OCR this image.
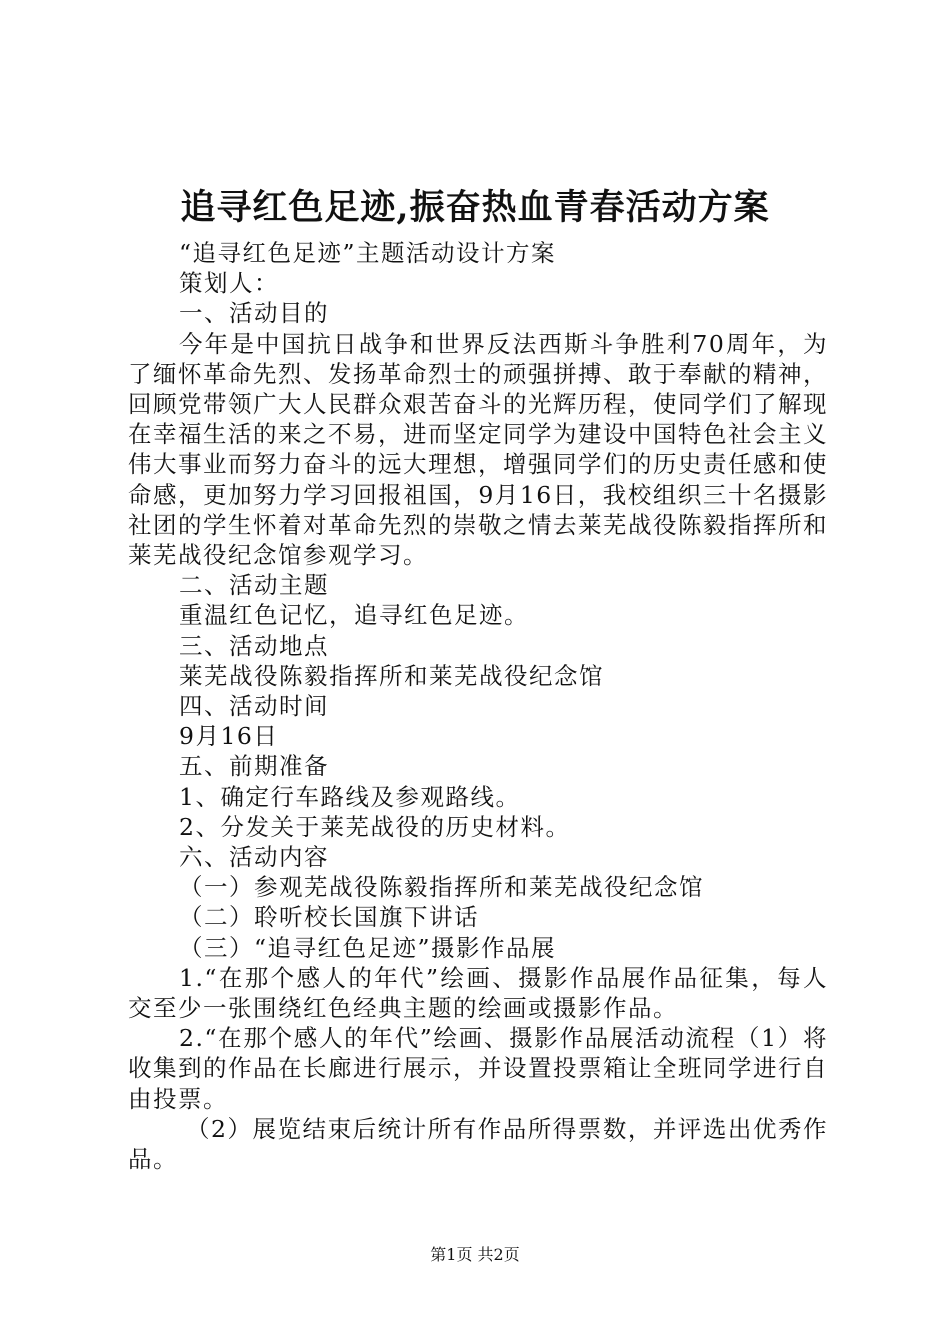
追寻红色足迹,振奋热血青春活动方案

“追寻红色足迹”主题活动设计方案

策划人：

一、活动目的

今年是中国抗日战争和世界反法西斯斗争胜利70周年，为了缅怀革命先烈、发扬革命烈士的顽强拼搏、敢于奉献的精神，回顾党带领广大人民群众艰苦奋斗的光辉历程，使同学们了解现在幸福生活的来之不易，进而坚定同学为建设中国特色社会主义伟大事业而努力奋斗的远大理想，增强同学们的历史责任感和使命感，更加努力学习回报祖国，9月16日，我校组织三十名摄影社团的学生怀着对革命先烈的崇敬之情去莱芜战役陈毅指挥所和莱芜战役纪念馆参观学习。

二、活动主题

重温红色记忆，追寻红色足迹。

三、活动地点

莱芜战役陈毅指挥所和莱芜战役纪念馆

四、活动时间

9月16日

五、前期准备

1、确定行车路线及参观路线。

2、分发关于莱芜战役的历史材料。

六、活动内容

（一）参观芜战役陈毅指挥所和莱芜战役纪念馆

（二）聆听校长国旗下讲话

（三）“追寻红色足迹”摄影作品展

1.“在那个感人的年代”绘画、摄影作品展作品征集，每人交至少一张围绕红色经典主题的绘画或摄影作品。

2.“在那个感人的年代”绘画、摄影作品展活动流程（1）将收集到的作品在长廊进行展示，并设置投票箱让全班同学进行自由投票。

（2）展览结束后统计所有作品所得票数，并评选出优秀作品。

第1页 共2页
